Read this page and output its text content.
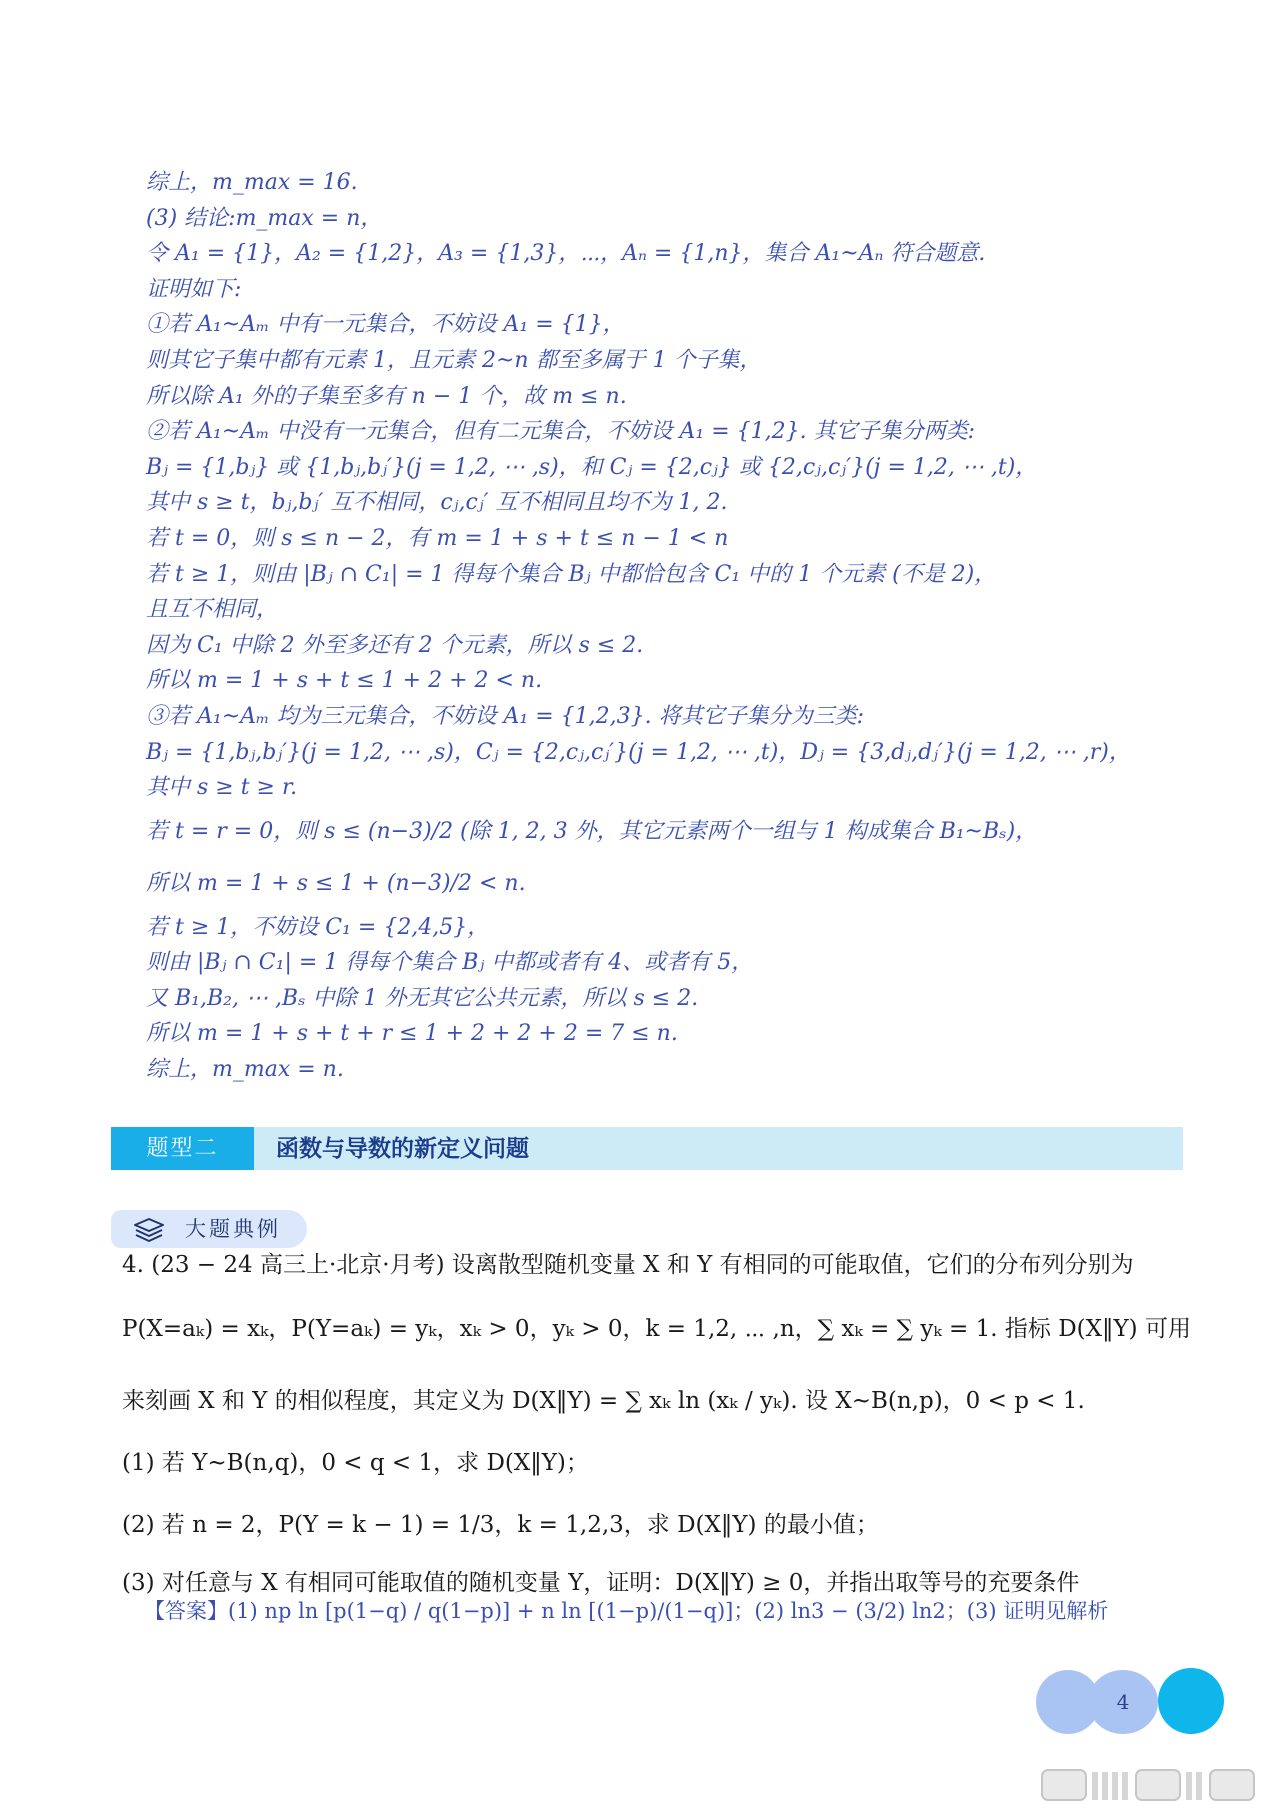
综上，m_max = 16.
(3) 结论:m_max = n，
令 A₁ = {1}，A₂ = {1,2}，A₃ = {1,3}，⋯，Aₙ = {1,n}，集合 A₁~Aₙ 符合题意.
证明如下:
①若 A₁~Aₘ 中有一元集合，不妨设 A₁ = {1}，
则其它子集中都有元素 1，且元素 2~n 都至多属于 1 个子集，
所以除 A₁ 外的子集至多有 n − 1 个，故 m ≤ n.
②若 A₁~Aₘ 中没有一元集合，但有二元集合，不妨设 A₁ = {1,2}. 其它子集分两类:
Bⱼ = {1,bⱼ} 或 {1,bⱼ,bⱼ′}(j = 1,2, ⋯ ,s)，和 Cⱼ = {2,cⱼ} 或 {2,cⱼ,cⱼ′}(j = 1,2, ⋯ ,t)，
其中 s ≥ t，bⱼ,bⱼ′ 互不相同，cⱼ,cⱼ′ 互不相同且均不为 1, 2.
若 t = 0，则 s ≤ n − 2，有 m = 1 + s + t ≤ n − 1 < n
若 t ≥ 1，则由 |Bⱼ ∩ C₁| = 1 得每个集合 Bⱼ 中都恰包含 C₁ 中的 1 个元素 (不是 2)，
且互不相同，
因为 C₁ 中除 2 外至多还有 2 个元素，所以 s ≤ 2.
所以 m = 1 + s + t ≤ 1 + 2 + 2 < n.
③若 A₁~Aₘ 均为三元集合，不妨设 A₁ = {1,2,3}. 将其它子集分为三类:
Bⱼ = {1,bⱼ,bⱼ′}(j = 1,2, ⋯ ,s)，Cⱼ = {2,cⱼ,cⱼ′}(j = 1,2, ⋯ ,t)，Dⱼ = {3,dⱼ,dⱼ′}(j = 1,2, ⋯ ,r)，
其中 s ≥ t ≥ r.
若 t = r = 0，则 s ≤ (n−3)/2 (除 1, 2, 3 外，其它元素两个一组与 1 构成集合 B₁~Bₛ)，
所以 m = 1 + s ≤ 1 + (n−3)/2 < n.
若 t ≥ 1，不妨设 C₁ = {2,4,5}，
则由 |Bⱼ ∩ C₁| = 1 得每个集合 Bⱼ 中都或者有 4、或者有 5，
又 B₁,B₂, ⋯ ,Bₛ 中除 1 外无其它公共元素，所以 s ≤ 2.
所以 m = 1 + s + t + r ≤ 1 + 2 + 2 + 2 = 7 ≤ n.
综上，m_max = n.
题型二	函数与导数的新定义问题
大题典例
4. (23 − 24 高三上·北京·月考) 设离散型随机变量 X 和 Y 有相同的可能取值，它们的分布列分别为
P(X=aₖ) = xₖ，P(Y=aₖ) = yₖ，xₖ > 0，yₖ > 0，k = 1,2, ⋯ ,n，∑ xₖ = ∑ yₖ = 1. 指标 D(X‖Y) 可用
来刻画 X 和 Y 的相似程度，其定义为 D(X‖Y) = ∑ xₖ ln (xₖ / yₖ). 设 X~B(n,p)，0 < p < 1.
(1) 若 Y~B(n,q)，0 < q < 1，求 D(X‖Y)；
(2) 若 n = 2，P(Y = k − 1) = 1/3，k = 1,2,3，求 D(X‖Y) 的最小值；
(3) 对任意与 X 有相同可能取值的随机变量 Y，证明：D(X‖Y) ≥ 0，并指出取等号的充要条件
【答案】(1) np ln [p(1−q) / q(1−p)] + n ln [(1−p)/(1−q)]；(2) ln3 − (3/2) ln2；(3) 证明见解析
4
